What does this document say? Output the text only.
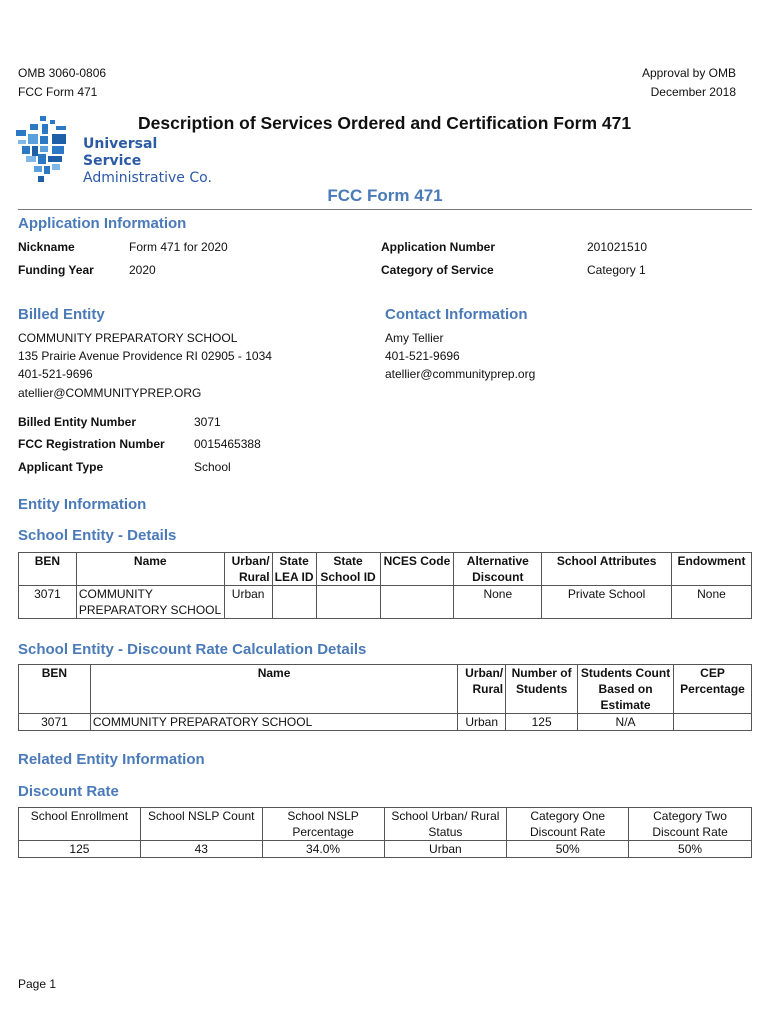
OMB 3060-0806
FCC Form 471
Approval by OMB
December 2018
Universal Service
Administrative Co.
Description of Services Ordered and Certification Form 471
FCC Form 471
Application Information
Nickname	Form 471 for 2020
Funding Year	2020
Application Number	201021510
Category of Service	Category 1
Billed Entity
COMMUNITY PREPARATORY SCHOOL
135 Prairie Avenue Providence RI 02905 - 1034
401-521-9696
atellier@COMMUNITYPREP.ORG
Contact Information
Amy Tellier
401-521-9696
atellier@communityprep.org
Billed Entity Number	3071
FCC Registration Number 0015465388
Applicant Type	School
Entity Information
School Entity - Details
BEN	Name	Urban/ Rural	State LEA ID	State School ID	NCES Code	Alternative Discount	School Attributes	Endowment
3071	COMMUNITY PREPARATORY SCHOOL	Urban				None	Private School	None
School Entity - Discount Rate Calculation Details
BEN	Name	Urban/ Rural	Number of Students	Students Count Based on Estimate	CEP Percentage
3071	COMMUNITY PREPARATORY SCHOOL	Urban	125	N/A	
Related Entity Information
Discount Rate
School Enrollment	School NSLP Count	School NSLP Percentage	School Urban/ Rural Status	Category One Discount Rate	Category Two Discount Rate
125	43	34.0%	Urban	50%	50%
Page 1
